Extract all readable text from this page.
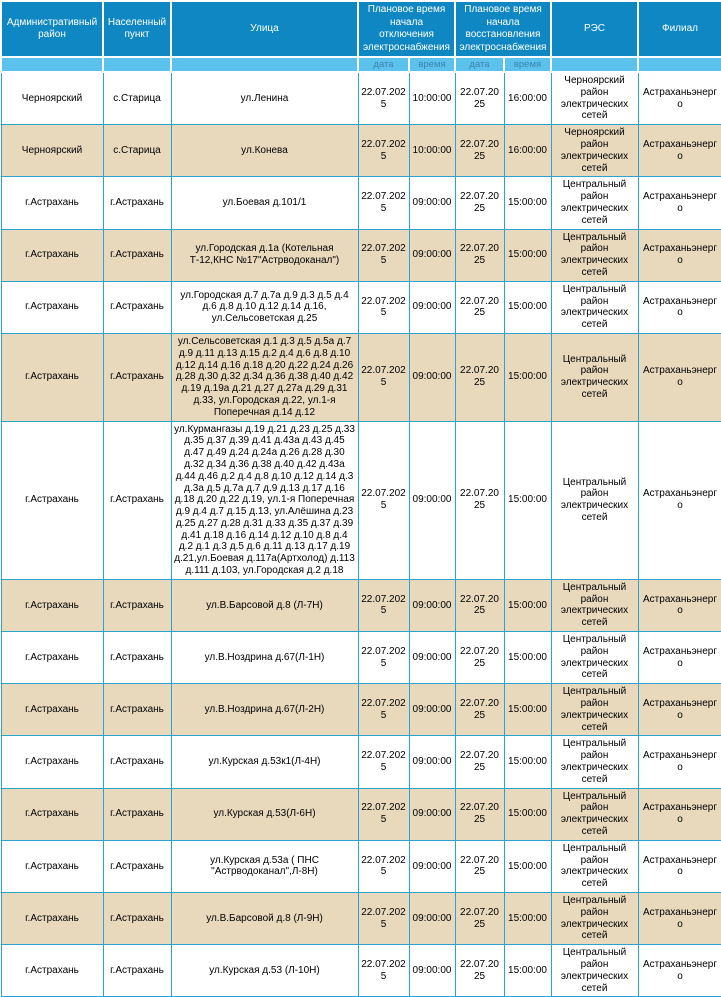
Административный район	Населенный пункт	Улица	Плановое время начала отключения электроснабжения		Плановое время начала восстановления электроснабжения		РЭС	Филиал
			дата	время	дата	время		
Черноярский	с.Старица	ул.Ленина	22.07.2025	10:00:00	22.07.2025	16:00:00	Черноярский район электрических сетей	Астраханьэнерго
Черноярский	с.Старица	ул.Конева	22.07.2025	10:00:00	22.07.2025	16:00:00	Черноярский район электрических сетей	Астраханьэнерго
г.Астрахань	г.Астрахань	ул.Боевая д.101/1	22.07.2025	09:00:00	22.07.2025	15:00:00	Центральный район электрических сетей	Астраханьэнерго
г.Астрахань	г.Астрахань	ул.Городская д.1а (Котельная Т-12,КНС №17"Астрводоканал")	22.07.2025	09:00:00	22.07.2025	15:00:00	Центральный район электрических сетей	Астраханьэнерго
г.Астрахань	г.Астрахань	ул.Городская д.7 д.7а д.9 д.3 д.5 д.4 д.6 д.8 д.10 д.12 д.14 д.16, ул.Сельсоветская д.25	22.07.2025	09:00:00	22.07.2025	15:00:00	Центральный район электрических сетей	Астраханьэнерго
г.Астрахань	г.Астрахань	ул.Сельсоветская д.1 д.3 д.5 д.5а д.7 д.9 д.11 д.13 д.15 д.2 д.4 д.6 д.8 д.10 д.12 д.14 д.16 д.18 д.20 д.22 д.24 д.26 д.28 д.30 д.32 д.34 д.36 д.38 д.40 д.42 д.19 д.19а д.21 д.27 д.27а д.29 д.31 д.33, ул.Городская д.22, ул.1-я Поперечная д.14 д.12	22.07.2025	09:00:00	22.07.2025	15:00:00	Центральный район электрических сетей	Астраханьэнерго
г.Астрахань	г.Астрахань	ул.Курмангазы д.19 д.21 д.23 д.25 д.33 д.35 д.37 д.39 д.41 д.43а д.43 д.45 д.47 д.49 д.24 д.24а д.26 д.28 д.30 д.32 д.34 д.36 д.38 д.40 д.42 д.43а д.44 д.46 д.2 д.4 д.8 д.10 д.12 д.14 д.3 д.3а д.5 д.7а д.7 д.9 д.13 д.17 д.16 д.18 д.20 д.22 д.19, ул.1-я Поперечная д.9 д.4 д.7 д.15 д.13, ул.Алёшина д.23 д.25 д.27 д.28 д.31 д.33 д.35 д.37 д.39 д.41 д.18 д.16 д.14 д.12 д.10 д.8 д.4 д.2 д.1 д.3 д.5 д.6 д.11 д.13 д.17 д.19 д.21,ул.Боевая д.117а(Артхолод) д.113 д.111 д.103, ул.Городская д.2 д.18	22.07.2025	09:00:00	22.07.2025	15:00:00	Центральный район электрических сетей	Астраханьэнерго
г.Астрахань	г.Астрахань	ул.В.Барсовой д.8 (Л-7Н)	22.07.2025	09:00:00	22.07.2025	15:00:00	Центральный район электрических сетей	Астраханьэнерго
г.Астрахань	г.Астрахань	ул.В.Ноздрина д.67(Л-1Н)	22.07.2025	09:00:00	22.07.2025	15:00:00	Центральный район электрических сетей	Астраханьэнерго
г.Астрахань	г.Астрахань	ул.В.Ноздрина д.67(Л-2Н)	22.07.2025	09:00:00	22.07.2025	15:00:00	Центральный район электрических сетей	Астраханьэнерго
г.Астрахань	г.Астрахань	ул.Курская д.53к1(Л-4Н)	22.07.2025	09:00:00	22.07.2025	15:00:00	Центральный район электрических сетей	Астраханьэнерго
г.Астрахань	г.Астрахань	ул.Курская д.53(Л-6Н)	22.07.2025	09:00:00	22.07.2025	15:00:00	Центральный район электрических сетей	Астраханьэнерго
г.Астрахань	г.Астрахань	ул.Курская д.53а ( ПНС "Астрводоканал",Л-8Н)	22.07.2025	09:00:00	22.07.2025	15:00:00	Центральный район электрических сетей	Астраханьэнерго
г.Астрахань	г.Астрахань	ул.В.Барсовой д.8 (Л-9Н)	22.07.2025	09:00:00	22.07.2025	15:00:00	Центральный район электрических сетей	Астраханьэнерго
г.Астрахань	г.Астрахань	ул.Курская д.53 (Л-10Н)	22.07.2025	09:00:00	22.07.2025	15:00:00	Центральный район электрических сетей	Астраханьэнерго
